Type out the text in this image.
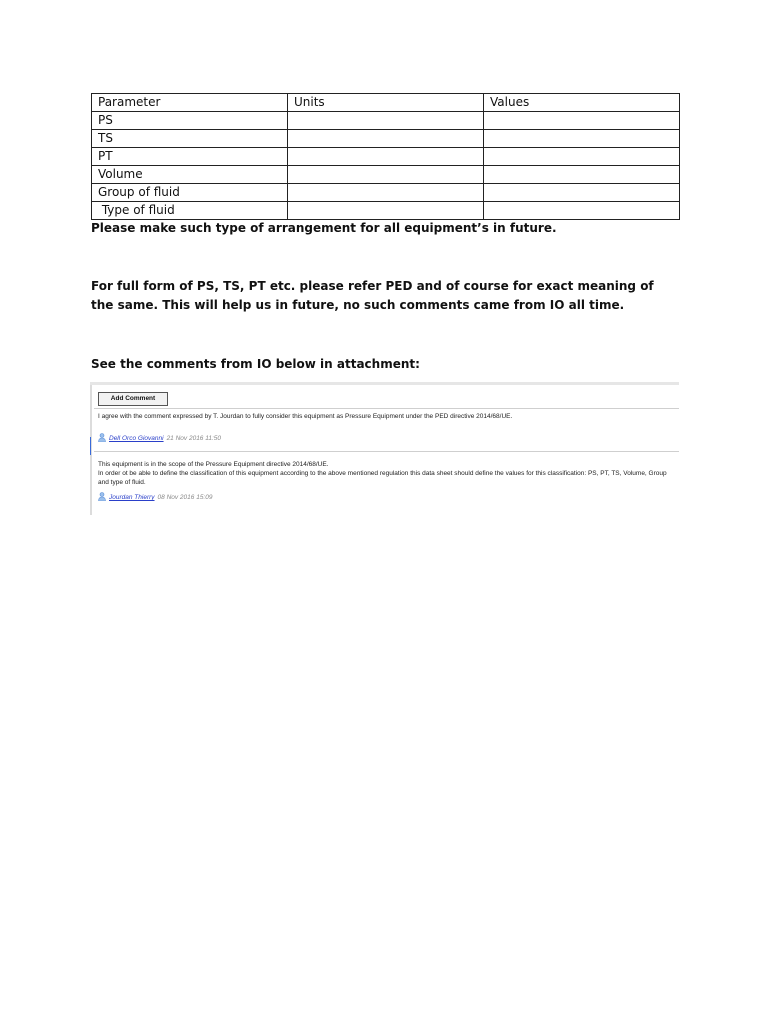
Parameter	Units	Values
PS		
TS		
PT		
Volume		
Group of fluid		
Type of fluid		
Please make such type of arrangement for all equipment’s in future.
For full form of PS, TS, PT etc. please refer PED and of course for exact meaning of the same. This will help us in future, no such comments came from IO all time.
See the comments from IO below in attachment:
Add Comment
I agree with the comment expressed by T. Jourdan to fully consider this equipment as Pressure Equipment under the PED directive 2014/68/UE.
Dell Orco Giovanni 21 Nov 2016 11:50
This equipment is in the scope of the Pressure Equipment directive 2014/68/UE.
In order ot be able to define the classification of this equipment according to the above mentioned regulation this data sheet should define the values for this classification: PS, PT, TS, Volume, Group and type of fluid.
Jourdan Thierry 08 Nov 2016 15:09
